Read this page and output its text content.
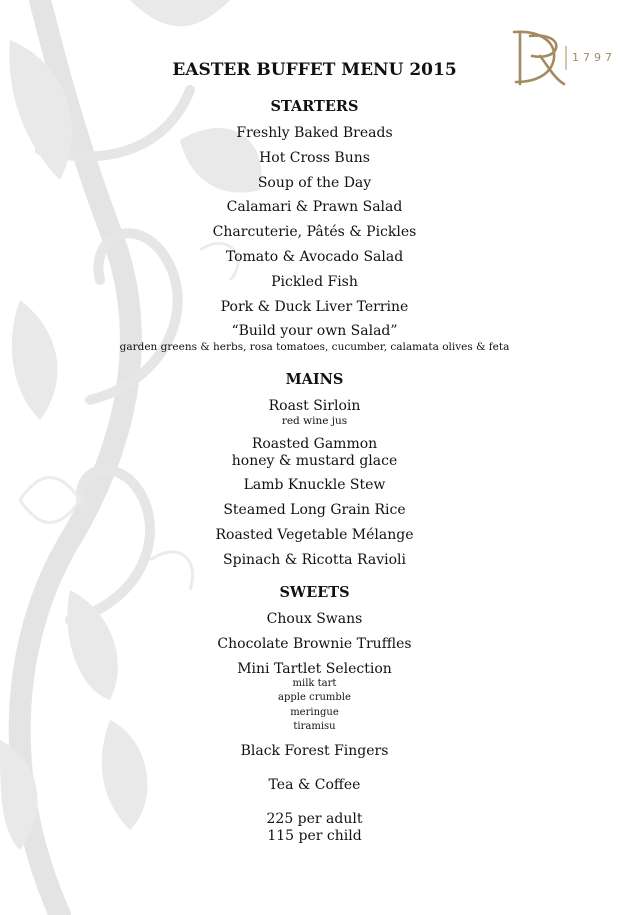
1797
EASTER BUFFET MENU 2015
STARTERS
Freshly Baked Breads
Hot Cross Buns
Soup of the Day
Calamari & Prawn Salad
Charcuterie, Pâtés & Pickles
Tomato & Avocado Salad
Pickled Fish
Pork & Duck Liver Terrine
“Build your own Salad”
garden greens & herbs, rosa tomatoes, cucumber, calamata olives & feta
MAINS
Roast Sirloin
red wine jus
Roasted Gammon
honey & mustard glace
Lamb Knuckle Stew
Steamed Long Grain Rice
Roasted Vegetable Mélange
Spinach & Ricotta Ravioli
SWEETS
Choux Swans
Chocolate Brownie Truffles
Mini Tartlet Selection
milk tart
apple crumble
meringue
tiramisu
Black Forest Fingers
Tea & Coffee
225 per adult
115 per child
